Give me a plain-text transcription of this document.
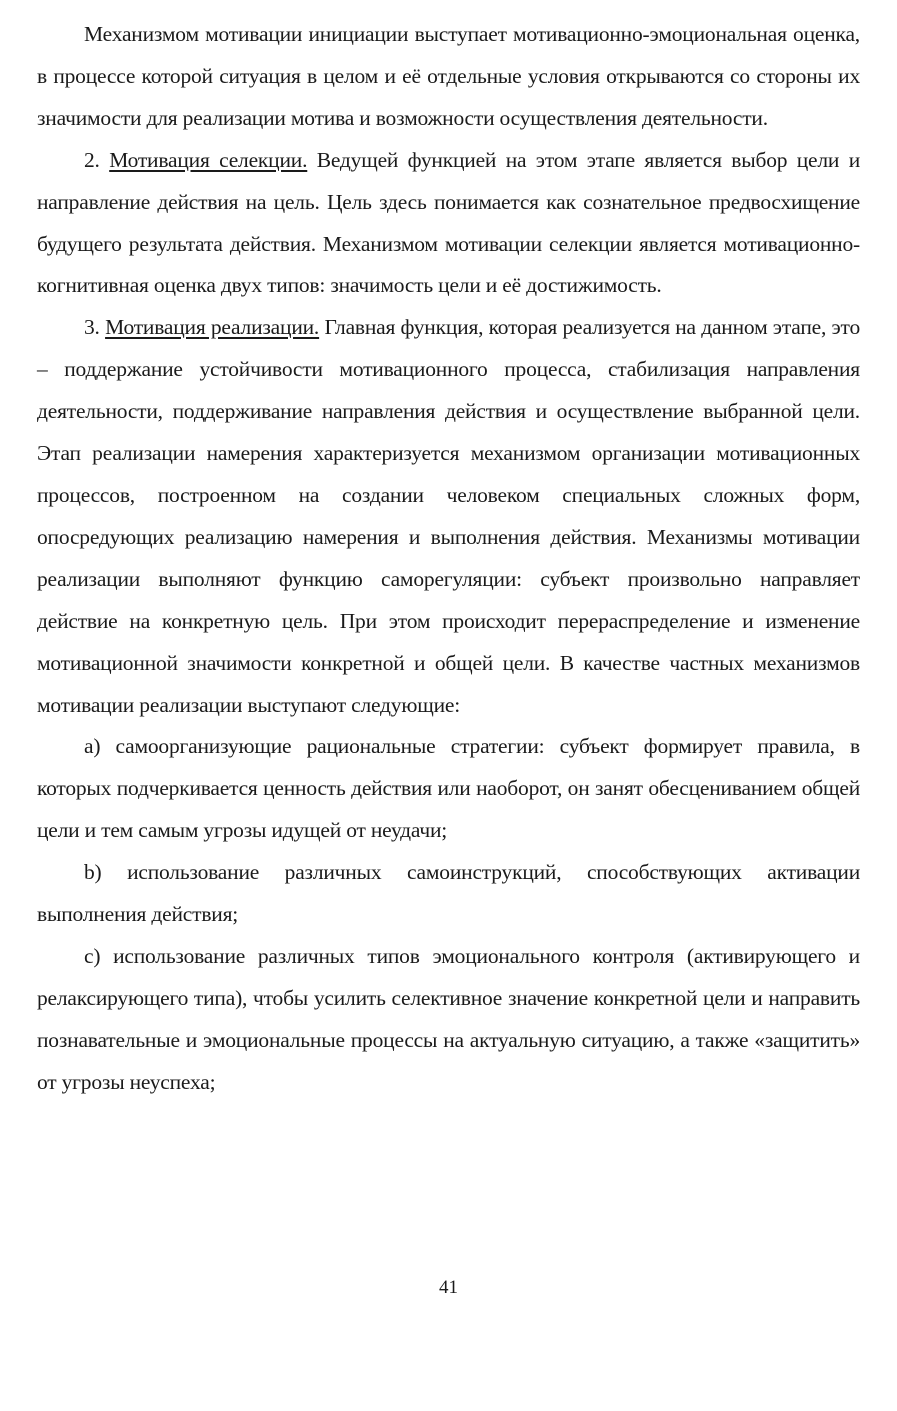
Механизмом мотивации инициации выступает мотивационно-эмоциональная оценка, в процессе которой ситуация в целом и её отдельные условия открываются со стороны их значимости для реализации мотива и возможности осуществления деятельности.

2. Мотивация селекции. Ведущей функцией на этом этапе является выбор цели и направление действия на цель. Цель здесь понимается как сознательное предвосхищение будущего результата действия. Механизмом мотивации селекции является мотивационно-когнитивная оценка двух типов: значимость цели и её достижимость.

3. Мотивация реализации. Главная функция, которая реализуется на данном этапе, это – поддержание устойчивости мотивационного процесса, стабилизация направления деятельности, поддерживание направления действия и осуществление выбранной цели. Этап реализации намерения характеризуется механизмом организации мотивационных процессов, построенном на создании человеком специальных сложных форм, опосредующих реализацию намерения и выполнения действия. Механизмы мотивации реализации выполняют функцию саморегуляции: субъект произвольно направляет действие на конкретную цель. При этом происходит перераспределение и изменение мотивационной значимости конкретной и общей цели. В качестве частных механизмов мотивации реализации выступают следующие:

а) самоорганизующие рациональные стратегии: субъект формирует правила, в которых подчеркивается ценность действия или наоборот, он занят обесцениванием общей цели и тем самым угрозы идущей от неудачи;

b) использование различных самоинструкций, способствующих активации выполнения действия;

c) использование различных типов эмоционального контроля (активирующего и релаксирующего типа), чтобы усилить селективное значение конкретной цели и направить познавательные и эмоциональные процессы на актуальную ситуацию, а также «защитить» от угрозы неуспеха;

41
